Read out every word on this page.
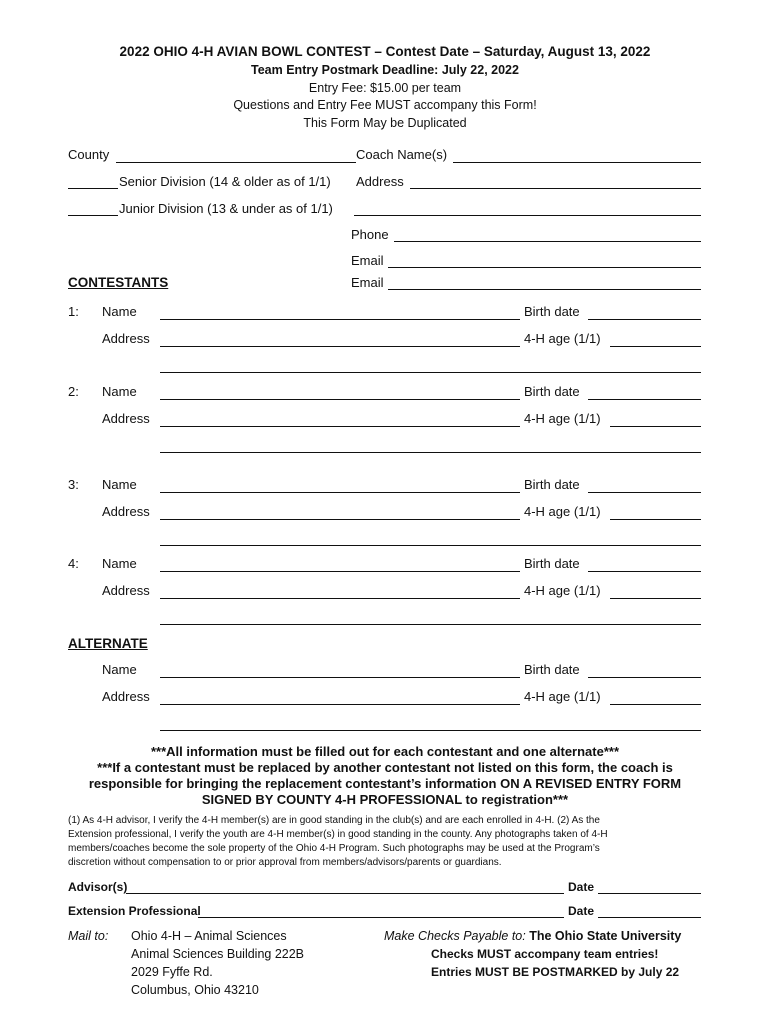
2022 OHIO 4-H AVIAN BOWL CONTEST – Contest Date – Saturday, August 13, 2022
Team Entry Postmark Deadline: July 22, 2022
Entry Fee: $15.00 per team
Questions and Entry Fee MUST accompany this Form!
This Form May be Duplicated
County	Coach Name(s)
Senior Division (14 & older as of 1/1) Address
Junior Division (13 & under as of 1/1)
Phone
Email
CONTESTANTS	Email
1: Name	Birth date
Address	4-H age (1/1)
2: Name	Birth date
Address	4-H age (1/1)
3: Name	Birth date
Address	4-H age (1/1)
4: Name	Birth date
Address	4-H age (1/1)
ALTERNATE
Name	Birth date
Address	4-H age (1/1)
***All information must be filled out for each contestant and one alternate***
***If a contestant must be replaced by another contestant not listed on this form, the coach is
responsible for bringing the replacement contestant’s information ON A REVISED ENTRY FORM
SIGNED BY COUNTY 4-H PROFESSIONAL to registration***
(1) As 4-H advisor, I verify the 4-H member(s) are in good standing in the club(s) and are each enrolled in 4-H. (2) As the
Extension professional, I verify the youth are 4-H member(s) in good standing in the county. Any photographs taken of 4-H
members/coaches become the sole property of the Ohio 4-H Program. Such photographs may be used at the Program’s
discretion without compensation to or prior approval from members/advisors/parents or guardians.
Advisor(s)	Date
Extension Professional	Date
Mail to: Ohio 4-H – Animal Sciences
Animal Sciences Building 222B
2029 Fyffe Rd.
Columbus, Ohio 43210
Make Checks Payable to: The Ohio State University
Checks MUST accompany team entries!
Entries MUST BE POSTMARKED by July 22
